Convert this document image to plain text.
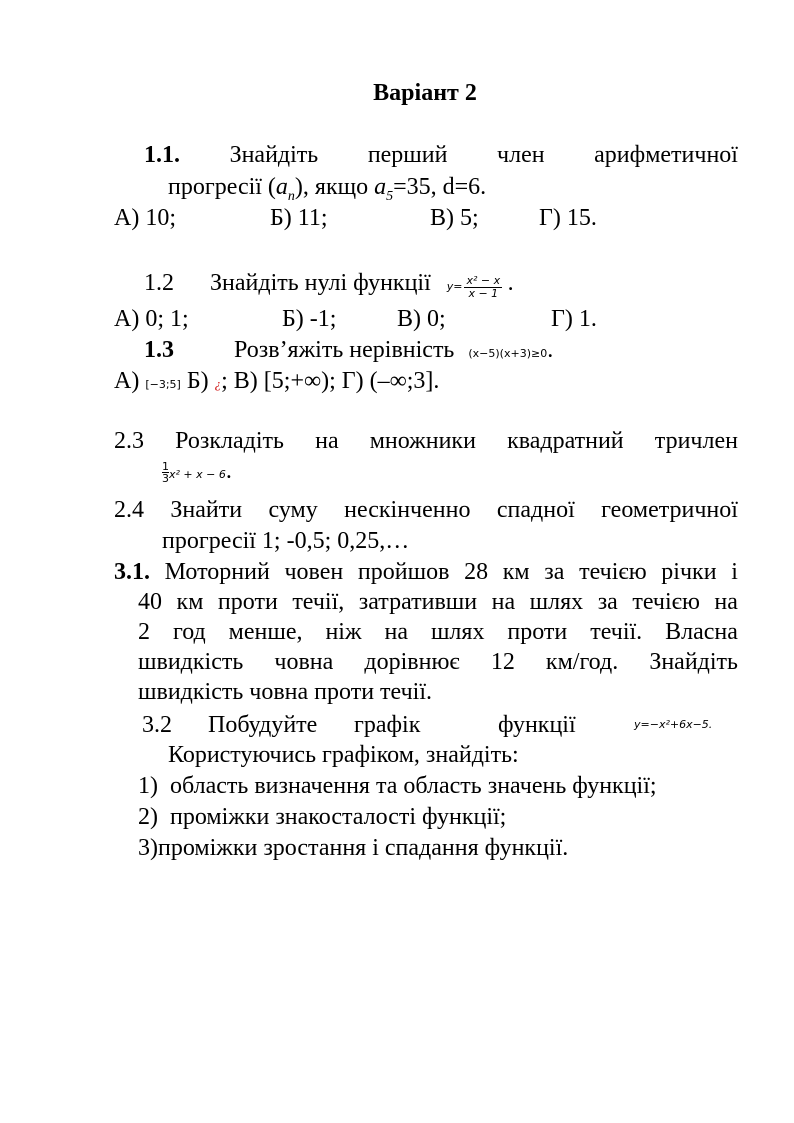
Варіант 2
1.1. Знайдіть перший член арифметичної
прогресії $(a_n)$, якщо $a_5=35$, d=6.
А) 10;	Б) 11;	В) 5;	Г) 15.
1.2 Знайдіть нулі функції $y= \frac{\text{x² − x}}{x - 1}$ .
А) 0; 1;	Б) -1;	В) 0;	Г) 1.
1.3	Розв’яжіть нерівність (x−5)(x+3)≥0.
А) [−3;5] Б) ¿; В) [5;+∞); Г) (–∞;3].
2.3 Розкладіть на множники квадратний тричлен
$\frac{1}{3} x^2 + x - 6$.
2.4 Знайти суму нескінченно спадної геометричної
прогресії 1; -0,5; 0,25,…
3.1. Моторний човен пройшов 28 км за течією річки і
40 км проти течії, затративши на шлях за течією на
2 год менше, ніж на шлях проти течії. Власна
швидкість човна дорівнює 12 км/год. Знайдіть
швидкість човна проти течії.
3.2 Побудуйте графік	функції	y=−x²+6x−5.
Користуючись графіком, знайдіть:
1) область визначення та область значень функції;
2) проміжки знакосталості функції;
3)проміжки зростання і спадання функції.
